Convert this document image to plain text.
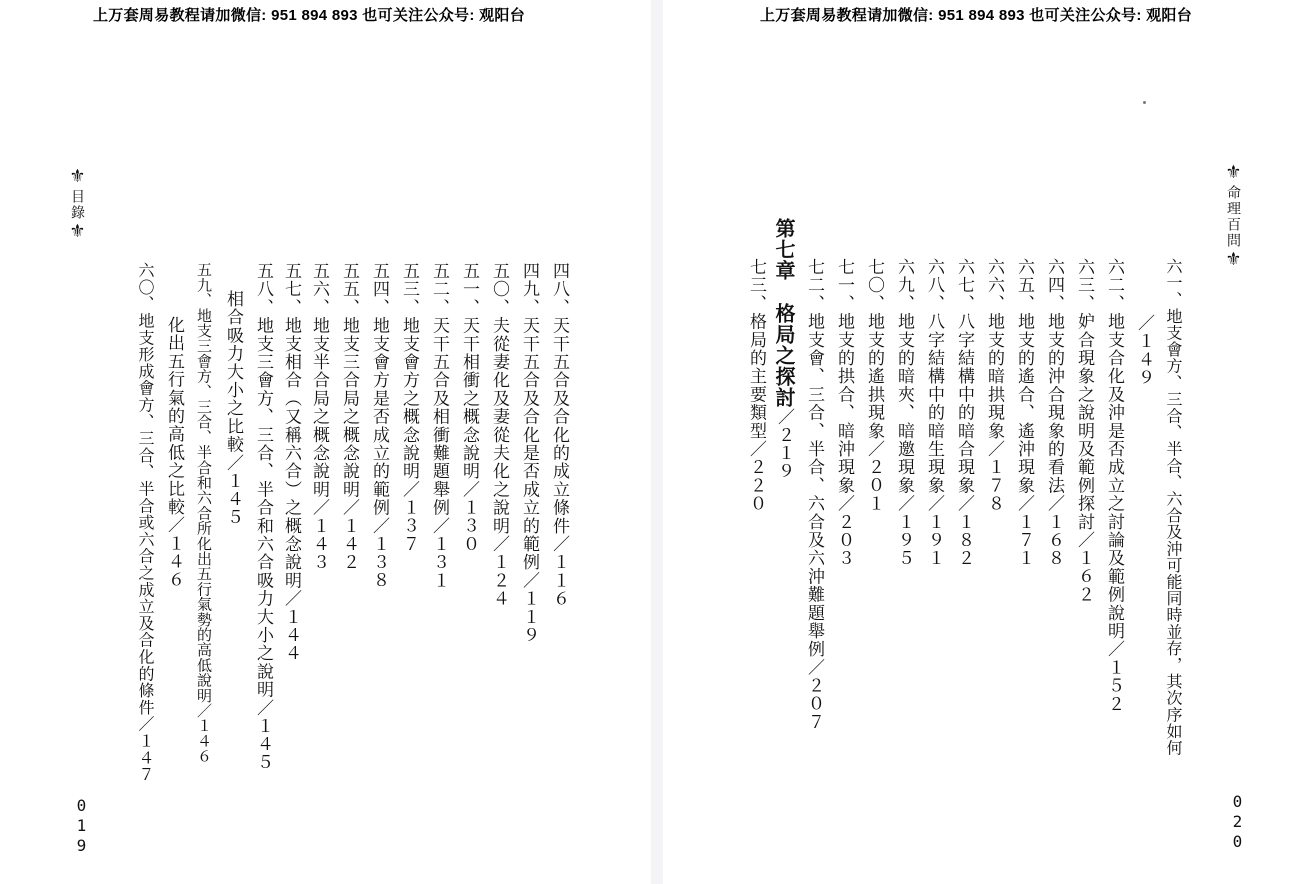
上万套周易教程请加微信: 951 894 893 也可关注公众号: 观阳台
⚜目錄⚜
四八、天干五合及合化的成立條件／１１６
四九、天干五合及合化是否成立的範例／１１９
五〇、夫從妻化及妻從夫化之說明／１２４
五一、天干相衝之概念說明／１３０
五二、天干五合及相衝難題舉例／１３１
五三、地支會方之概念說明／１３７
五四、地支會方是否成立的範例／１３８
五五、地支三合局之概念說明／１４２
五六、地支半合局之概念說明／１４３
五七、地支相合（又稱六合）之概念說明／１４４
五八、地支三會方、三合、半合和六合吸力大小之說明／１４５
相合吸力大小之比較／１４５
五九、地支三會方、三合、半合和六合所化出五行氣勢的高低說明／１４６
化出五行氣的高低之比較／１４６
六〇、地支形成會方、三合、半合或六合之成立及合化的條件／１４７
019
上万套周易教程请加微信: 951 894 893 也可关注公众号: 观阳台
⚜命理百問⚜
六一、地支會方、三合、半合、六合及沖可能同時並存，其次序如何
／１４９
六二、地支合化及沖是否成立之討論及範例說明／１５２
六三、妒合現象之說明及範例探討／１６２
六四、地支的沖合現象的看法／１６８
六五、地支的遙合、遙沖現象／１７１
六六、地支的暗拱現象／１７８
六七、八字結構中的暗合現象／１８２
六八、八字結構中的暗生現象／１９１
六九、地支的暗夾、暗邀現象／１９５
七〇、地支的遙拱現象／２０１
七一、地支的拱合、暗沖現象／２０３
七二、地支會、三合、半合、六合及六沖難題舉例／２０７
第七章格局之探討／２１９
七三、格局的主要類型／２２０
020
